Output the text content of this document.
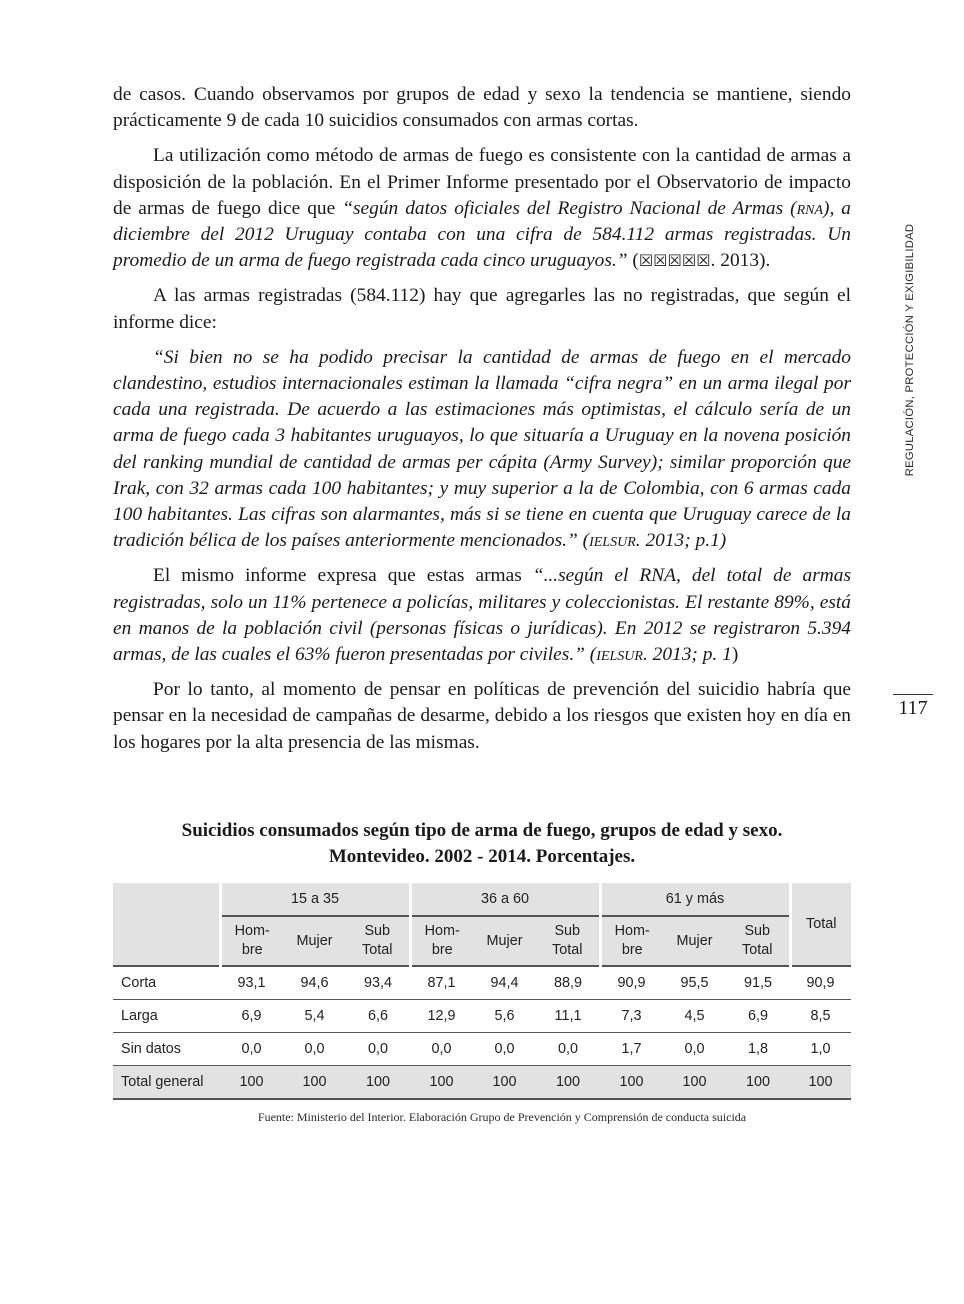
de casos. Cuando observamos por grupos de edad y sexo la tendencia se mantiene, siendo prácticamente 9 de cada 10 suicidios consumados con armas cortas.

La utilización como método de armas de fuego es consistente con la cantidad de armas a disposición de la población. En el Primer Informe presentado por el Observatorio de impacto de armas de fuego dice que “según datos oficiales del Registro Nacional de Armas (rna), a diciembre del 2012 Uruguay contaba con una cifra de 584.112 armas registradas. Un promedio de un arma de fuego registrada cada cinco uruguayos.” (☒☒☒☒☒. 2013).

A las armas registradas (584.112) hay que agregarles las no registradas, que según el informe dice:

“Si bien no se ha podido precisar la cantidad de armas de fuego en el mercado clandestino, estudios internacionales estiman la llamada “cifra negra” en un arma ilegal por cada una registrada. De acuerdo a las estimaciones más optimistas, el cálculo sería de un arma de fuego cada 3 habitantes uruguayos, lo que situaría a Uruguay en la novena posición del ranking mundial de cantidad de armas per cápita (Army Survey); similar proporción que Irak, con 32 armas cada 100 habitantes; y muy superior a la de Colombia, con 6 armas cada 100 habitantes. Las cifras son alarmantes, más si se tiene en cuenta que Uruguay carece de la tradición bélica de los países anteriormente mencionados.” (ielsur. 2013; p.1)

El mismo informe expresa que estas armas “...según el RNA, del total de armas registradas, solo un 11% pertenece a policías, militares y coleccionistas. El restante 89%, está en manos de la población civil (personas físicas o jurídicas). En 2012 se registraron 5.394 armas, de las cuales el 63% fueron presentadas por civiles.” (ielsur. 2013; p. 1)

Por lo tanto, al momento de pensar en políticas de prevención del suicidio habría que pensar en la necesidad de campañas de desarme, debido a los riesgos que existen hoy en día en los hogares por la alta presencia de las mismas.

REGULACIÓN, PROTECCIÓN Y EXIGIBILIDAD
117
Suicidios consumados según tipo de arma de fuego, grupos de edad y sexo.
Montevideo. 2002 - 2014. Porcentajes.
	15 a 35			36 a 60			61 y más			Total
	Hom-
bre	Mujer	Sub
Total	Hom-
bre	Mujer	Sub
Total	Hom-
bre	Mujer	Sub
Total	
Corta	93,1	94,6	93,4	87,1	94,4	88,9	90,9	95,5	91,5	90,9
Larga	6,9	5,4	6,6	12,9	5,6	11,1	7,3	4,5	6,9	8,5
Sin datos	0,0	0,0	0,0	0,0	0,0	0,0	1,7	0,0	1,8	1,0
Total general	100	100	100	100	100	100	100	100	100	100
Fuente: Ministerio del Interior. Elaboración Grupo de Prevención y Comprensión de conducta suicida
